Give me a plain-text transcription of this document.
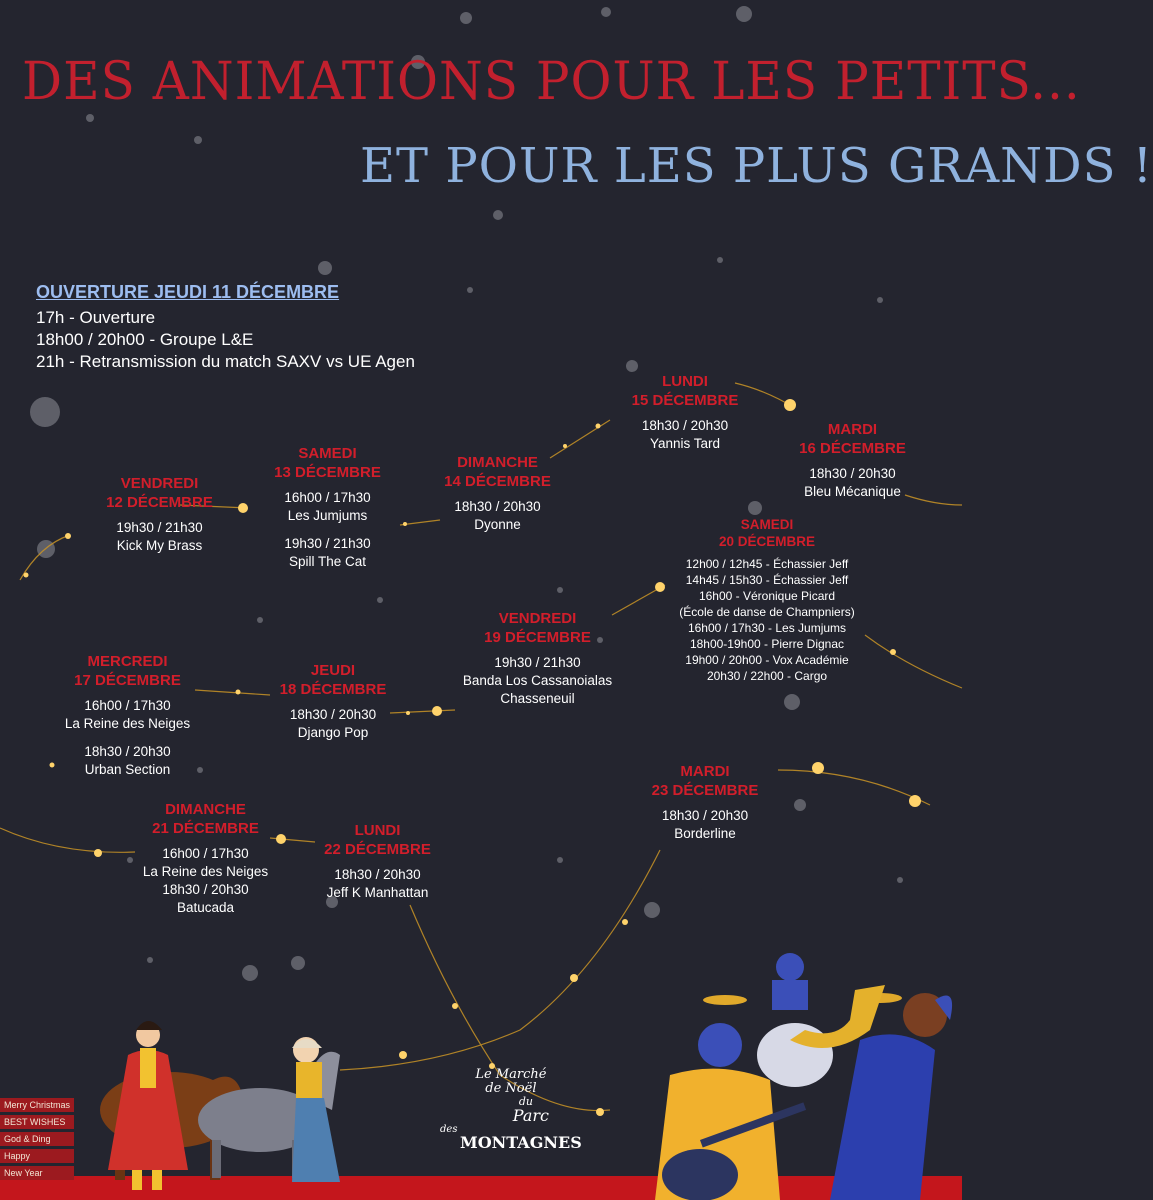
DES ANIMATIONS POUR LES PETITS...
ET POUR LES PLUS GRANDS !
OUVERTURE JEUDI 11 DÉCEMBRE
17h - Ouverture
18h00 / 20h00 - Groupe L&E
21h - Retransmission du match SAXV vs UE Agen
VENDREDI
12 DÉCEMBRE
19h30 / 21h30
Kick My Brass
SAMEDI
13 DÉCEMBRE
16h00 / 17h30
Les Jumjums
19h30 / 21h30
Spill The Cat
DIMANCHE
14 DÉCEMBRE
18h30 / 20h30
Dyonne
LUNDI
15 DÉCEMBRE
18h30 / 20h30
Yannis Tard
MARDI
16 DÉCEMBRE
18h30 / 20h30
Bleu Mécanique
MERCREDI
17 DÉCEMBRE
16h00 / 17h30
La Reine des Neiges
18h30 / 20h30
Urban Section
JEUDI
18 DÉCEMBRE
18h30 / 20h30
Django Pop
VENDREDI
19 DÉCEMBRE
19h30 / 21h30
Banda Los Cassanoialas
Chasseneuil
SAMEDI
20 DÉCEMBRE
12h00 / 12h45 - Échassier Jeff
14h45 / 15h30 - Échassier Jeff
16h00 - Véronique Picard
(École de danse de Champniers)
16h00 / 17h30 - Les Jumjums
18h00-19h00 - Pierre Dignac
19h00 / 20h00 - Vox Académie
20h30 / 22h00 - Cargo
DIMANCHE
21 DÉCEMBRE
16h00 / 17h30
La Reine des Neiges
18h30 / 20h30
Batucada
LUNDI
22 DÉCEMBRE
18h30 / 20h30
Jeff K Manhattan
MARDI
23 DÉCEMBRE
18h30 / 20h30
Borderline
Le Marché
de Noël
du
Parc
des
MONTAGNES
Merry Christmas
BEST WISHES
God & Ding
Happy
New Year
